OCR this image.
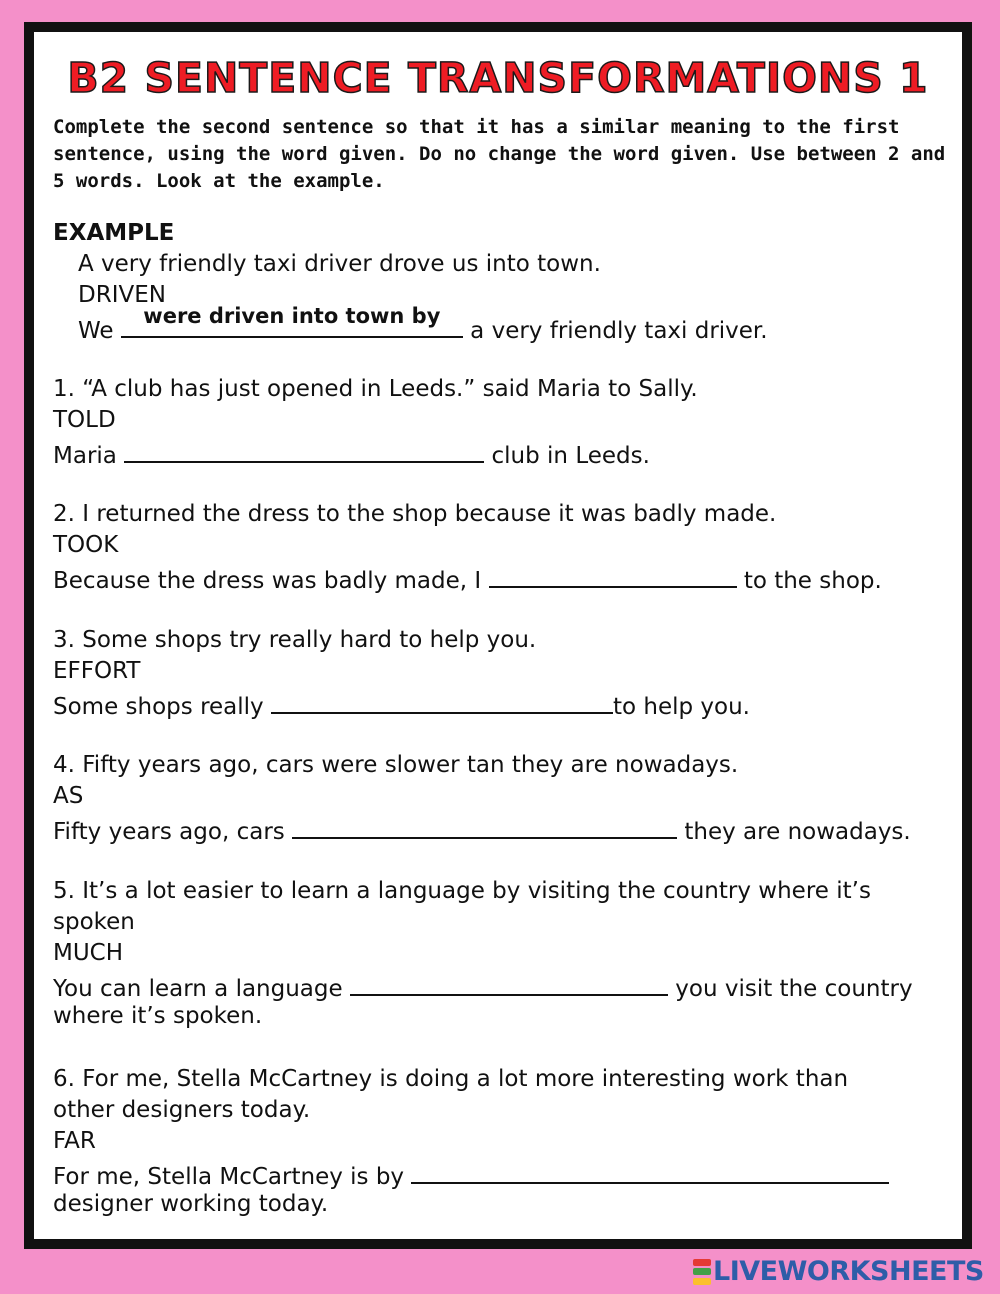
B2 SENTENCE TRANSFORMATIONS 1

Complete the second sentence so that it has a similar meaning to the first sentence, using the word given. Do no change the word given. Use between 2 and 5 words. Look at the example.

EXAMPLE
A very friendly taxi driver drove us into town.
DRIVEN
We
were driven into town by
a very friendly taxi driver.
1. “A club has just opened in Leeds.” said Maria to Sally.
TOLD
Maria	club in Leeds.
2. I returned the dress to the shop because it was badly made.
TOOK
Because the dress was badly made, I	to the shop.
3. Some shops try really hard to help you.
EFFORT
Some shops really	to help you.
4. Fifty years ago, cars were slower tan they are nowadays.
AS
Fifty years ago, cars	they are nowadays.
5. It’s a lot easier to learn a language by visiting the country where it’s
spoken
MUCH
You can learn a language	you visit the country
where it’s spoken.
6. For me, Stella McCartney is doing a lot more interesting work than
other designers today.
FAR
For me, Stella McCartney is by
designer working today.
LIVEWORKSHEETS
